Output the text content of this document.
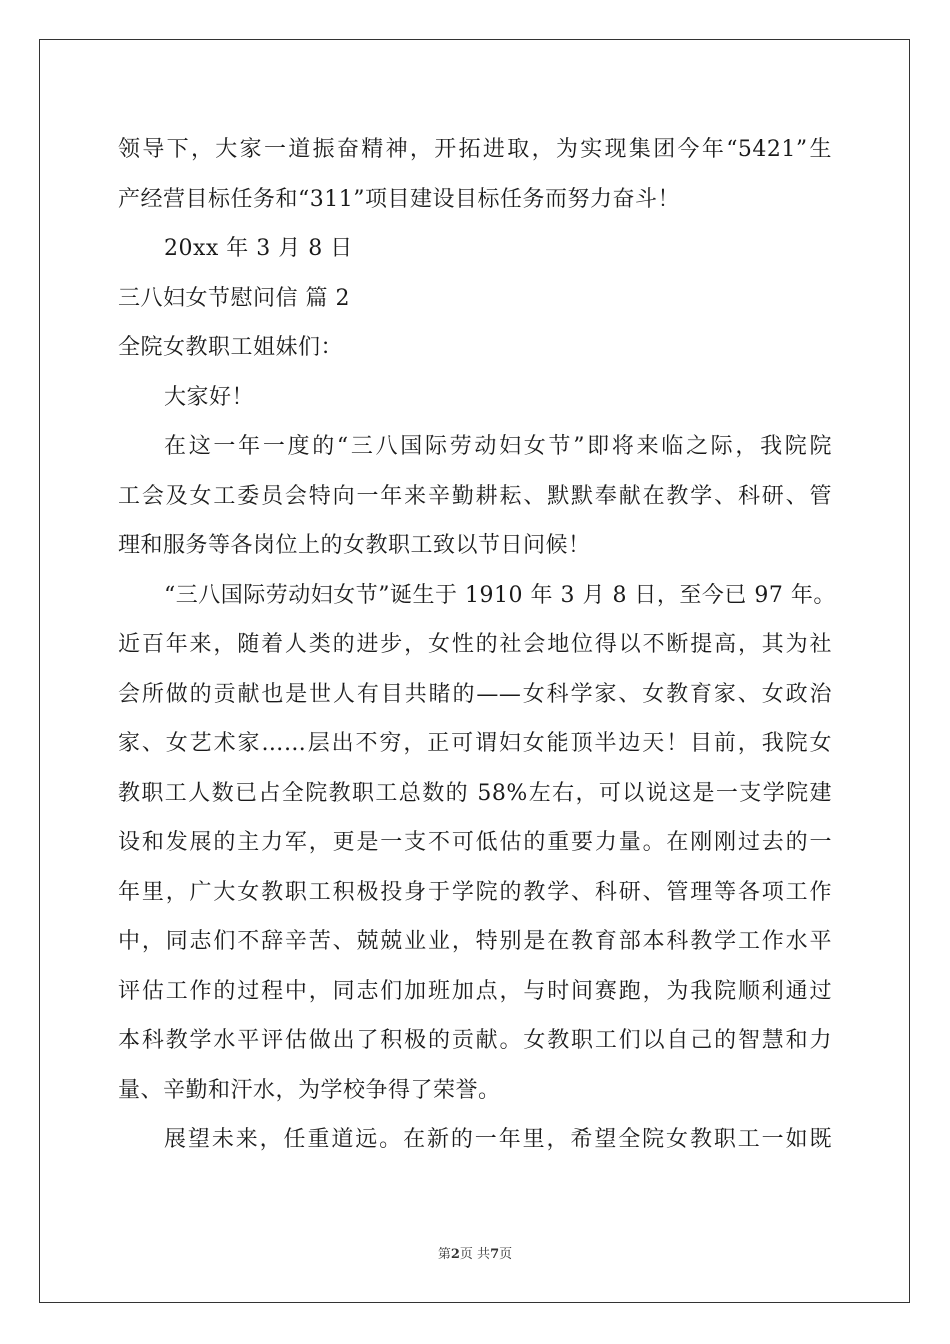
领导下，大家一道振奋精神，开拓进取，为实现集团今年“5421”生
产经营目标任务和“311”项目建设目标任务而努力奋斗！
20xx 年 3 月 8 日
三八妇女节慰问信 篇 2
全院女教职工姐妹们：
大家好！
在这一年一度的“三八国际劳动妇女节”即将来临之际，我院院
工会及女工委员会特向一年来辛勤耕耘、默默奉献在教学、科研、管
理和服务等各岗位上的女教职工致以节日问候！
“三八国际劳动妇女节”诞生于 1910 年 3 月 8 日，至今已 97 年。
近百年来，随着人类的进步，女性的社会地位得以不断提高，其为社
会所做的贡献也是世人有目共睹的——女科学家、女教育家、女政治
家、女艺术家……层出不穷，正可谓妇女能顶半边天！目前，我院女
教职工人数已占全院教职工总数的 58%左右，可以说这是一支学院建
设和发展的主力军，更是一支不可低估的重要力量。在刚刚过去的一
年里，广大女教职工积极投身于学院的教学、科研、管理等各项工作
中，同志们不辞辛苦、兢兢业业，特别是在教育部本科教学工作水平
评估工作的过程中，同志们加班加点，与时间赛跑，为我院顺利通过
本科教学水平评估做出了积极的贡献。女教职工们以自己的智慧和力
量、辛勤和汗水，为学校争得了荣誉。
展望未来，任重道远。在新的一年里，希望全院女教职工一如既
第2页 共7页
